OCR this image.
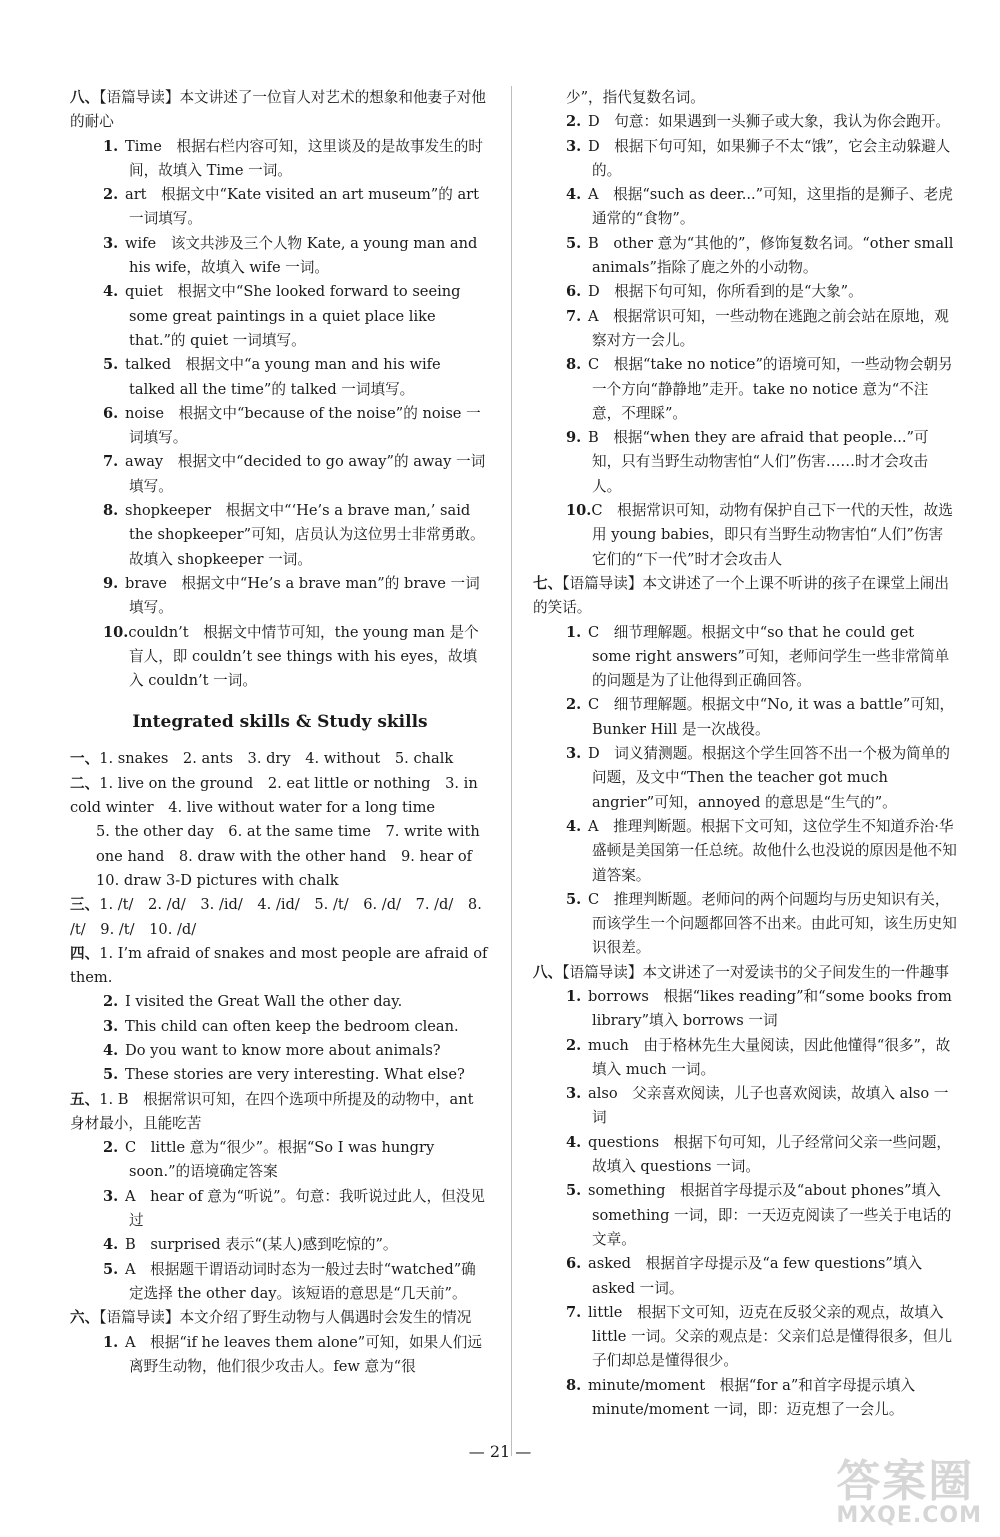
八、【语篇导读】本文讲述了一位盲人对艺术的想象和他妻子对他的耐心
1. Time　根据右栏内容可知，这里谈及的是故事发生的时间，故填入 Time 一词。
2. art　根据文中“Kate visited an art museum”的 art 一词填写。
3. wife　该文共涉及三个人物 Kate, a young man and his wife，故填入 wife 一词。
4. quiet　根据文中“She looked forward to seeing some great paintings in a quiet place like that.”的 quiet 一词填写。
5. talked　根据文中“a young man and his wife talked all the time”的 talked 一词填写。
6. noise　根据文中“because of the noise”的 noise 一词填写。
7. away　根据文中“decided to go away”的 away 一词填写。
8. shopkeeper　根据文中“‘He’s a brave man,’ said the shopkeeper”可知，店员认为这位男士非常勇敢。故填入 shopkeeper 一词。
9. brave　根据文中“He’s a brave man”的 brave 一词填写。
10.couldn’t　根据文中情节可知，the young man 是个盲人，即 couldn’t see things with his eyes，故填入 couldn’t 一词。
Integrated skills & Study skills
一、1. snakes　2. ants　3. dry　4. without　5. chalk
二、1. live on the ground　2. eat little or nothing　3. in cold winter　4. live without water for a long time
5. the other day　6. at the same time　7. write with one hand　8. draw with the other hand　9. hear of
10. draw 3-D pictures with chalk
三、1. /t/　2. /d/　3. /id/　4. /id/　5. /t/　6. /d/　7. /d/　8. /t/　9. /t/　10. /d/
四、1. I’m afraid of snakes and most people are afraid of them.
2. I visited the Great Wall the other day.
3. This child can often keep the bedroom clean.
4. Do you want to know more about animals?
5. These stories are very interesting. What else?
五、1. B　根据常识可知，在四个选项中所提及的动物中，ant 身材最小，且能吃苦
2. C　little 意为“很少”。根据“So I was hungry soon.”的语境确定答案
3. A　hear of 意为“听说”。句意：我听说过此人，但没见过
4. B　surprised 表示“(某人)感到吃惊的”。
5. A　根据题干谓语动词时态为一般过去时“watched”确定选择 the other day。该短语的意思是“几天前”。
六、【语篇导读】本文介绍了野生动物与人偶遇时会发生的情况
1. A　根据“if he leaves them alone”可知，如果人们远离野生动物，他们很少攻击人。few 意为“很
少”，指代复数名词。
2. D　句意：如果遇到一头狮子或大象，我认为你会跑开。
3. D　根据下句可知，如果狮子不太“饿”，它会主动躲避人的。
4. A　根据“such as deer...”可知，这里指的是狮子、老虎通常的“食物”。
5. B　other 意为“其他的”，修饰复数名词。“other small animals”指除了鹿之外的小动物。
6. D　根据下句可知，你所看到的是“大象”。
7. A　根据常识可知，一些动物在逃跑之前会站在原地，观察对方一会儿。
8. C　根据“take no notice”的语境可知，一些动物会朝另一个方向“静静地”走开。take no notice 意为“不注意，不理睬”。
9. B　根据“when they are afraid that people...”可知，只有当野生动物害怕“人们”伤害……时才会攻击人。
10.C　根据常识可知，动物有保护自己下一代的天性，故选用 young babies，即只有当野生动物害怕“人们”伤害它们的“下一代”时才会攻击人
七、【语篇导读】本文讲述了一个上课不听讲的孩子在课堂上闹出的笑话。
1. C　细节理解题。根据文中“so that he could get some right answers”可知，老师问学生一些非常简单的问题是为了让他得到正确回答。
2. C　细节理解题。根据文中“No, it was a battle”可知，Bunker Hill 是一次战役。
3. D　词义猜测题。根据这个学生回答不出一个极为简单的问题，及文中“Then the teacher got much angrier”可知，annoyed 的意思是“生气的”。
4. A　推理判断题。根据下文可知，这位学生不知道乔治·华盛顿是美国第一任总统。故他什么也没说的原因是他不知道答案。
5. C　推理判断题。老师问的两个问题均与历史知识有关，而该学生一个问题都回答不出来。由此可知，该生历史知识很差。
八、【语篇导读】本文讲述了一对爱读书的父子间发生的一件趣事
1. borrows　根据“likes reading”和“some books from library”填入 borrows 一词
2. much　由于格林先生大量阅读，因此他懂得“很多”，故填入 much 一词。
3. also　父亲喜欢阅读，儿子也喜欢阅读，故填入 also 一词
4. questions　根据下句可知，儿子经常问父亲一些问题，故填入 questions 一词。
5. something　根据首字母提示及“about phones”填入 something 一词，即：一天迈克阅读了一些关于电话的文章。
6. asked　根据首字母提示及“a few questions”填入 asked 一词。
7. little　根据下文可知，迈克在反驳父亲的观点，故填入 little 一词。父亲的观点是：父亲们总是懂得很多，但儿子们却总是懂得很少。
8. minute/moment　根据“for a”和首字母提示填入 minute/moment 一词，即：迈克想了一会儿。
— 21 —
答案圈
MXQE.COM
